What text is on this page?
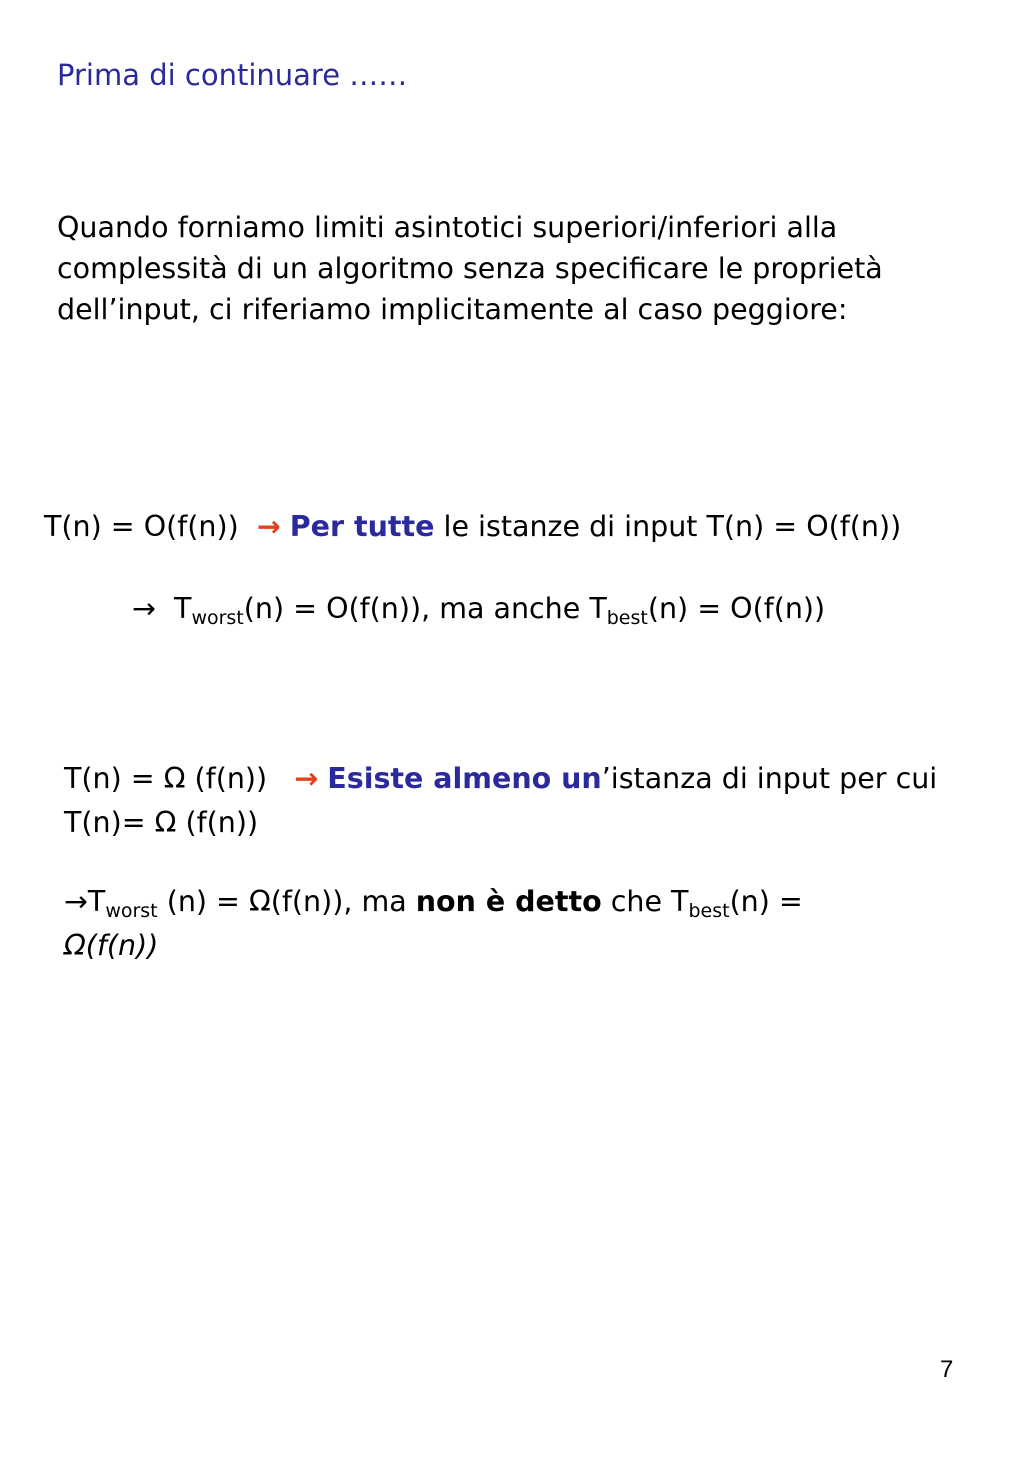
Prima di continuare ……
Quando forniamo limiti asintotici superiori/inferiori alla complessità di un algoritmo senza specificare le proprietà dell’input, ci riferiamo implicitamente al caso peggiore:
T(n) = O(f(n)) → Per tutte le istanze di input T(n) = O(f(n))
→ $T_{worst}(n) = O(f(n))$, ma anche $T_{best}(n) = O(f(n))$
T(n) = Ω (f(n)) → Esiste almeno un’istanza di input per cui T(n)= Ω (f(n))
$\to T_{worst}$ (n) = Ω(f(n)), ma non è detto che $T_{best}(n)$ =
Ω(f(n))
7
